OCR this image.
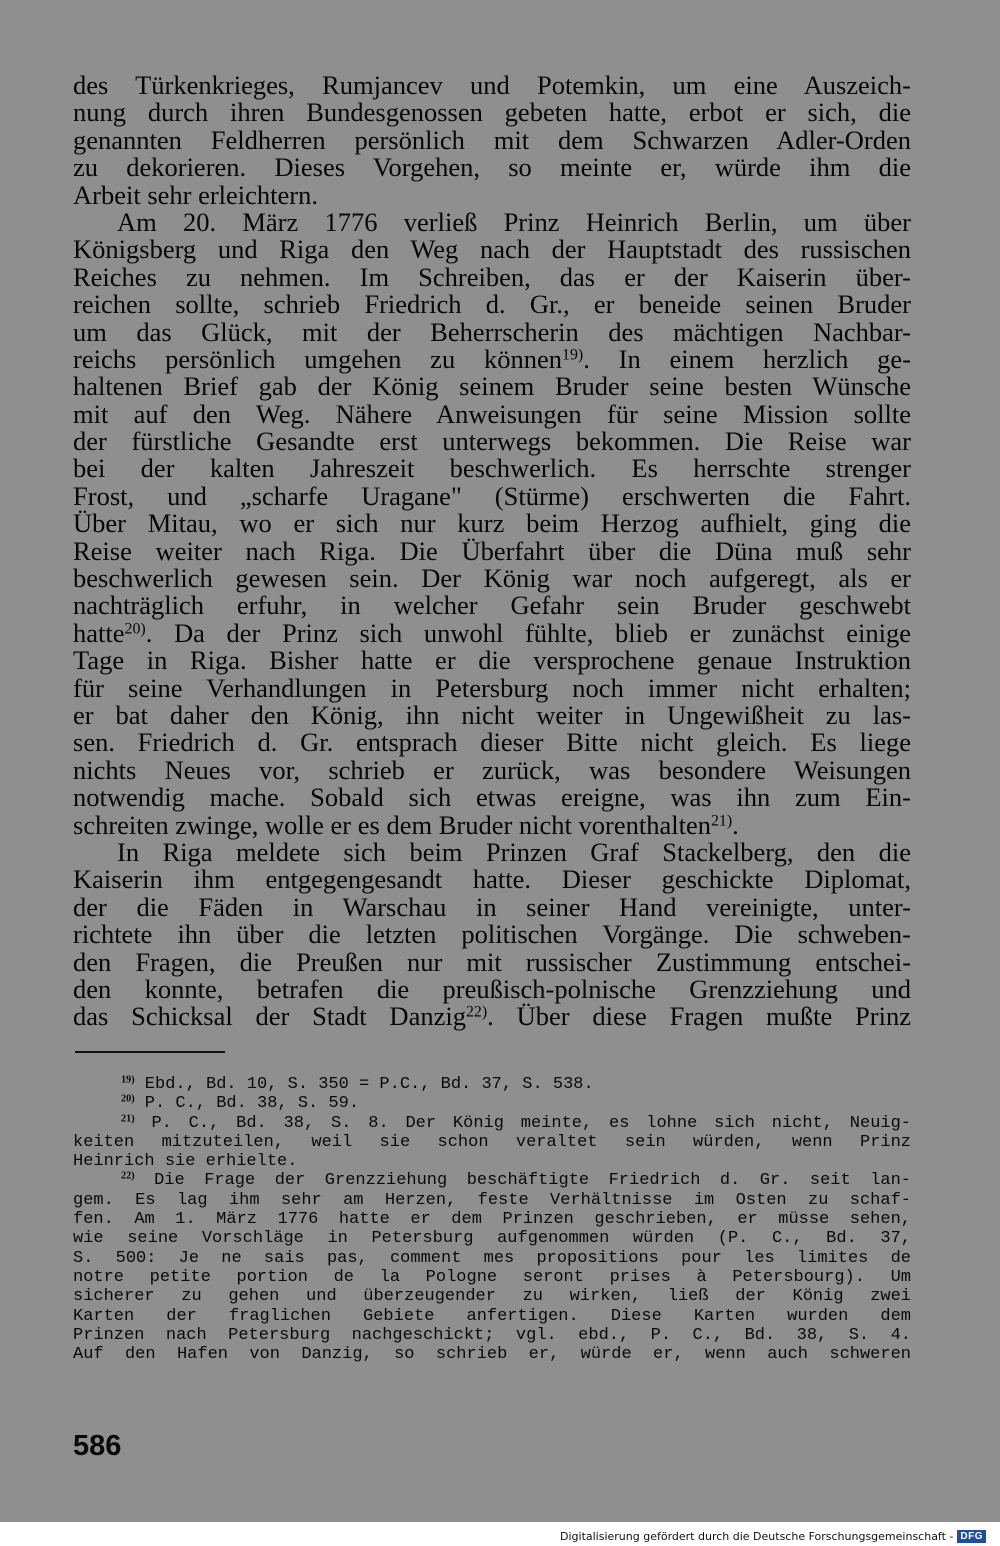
des Türkenkrieges, Rumjancev und Potemkin, um eine Auszeich-
nung durch ihren Bundesgenossen gebeten hatte, erbot er sich, die
genannten Feldherren persönlich mit dem Schwarzen Adler-Orden
zu dekorieren. Dieses Vorgehen, so meinte er, würde ihm die
Arbeit sehr erleichtern.
Am 20. März 1776 verließ Prinz Heinrich Berlin, um über
Königsberg und Riga den Weg nach der Hauptstadt des russischen
Reiches zu nehmen. Im Schreiben, das er der Kaiserin über-
reichen sollte, schrieb Friedrich d. Gr., er beneide seinen Bruder
um das Glück, mit der Beherrscherin des mächtigen Nachbar-
reichs persönlich umgehen zu können$^{19)}$. In einem herzlich ge-
haltenen Brief gab der König seinem Bruder seine besten Wünsche
mit auf den Weg. Nähere Anweisungen für seine Mission sollte
der fürstliche Gesandte erst unterwegs bekommen. Die Reise war
bei der kalten Jahreszeit beschwerlich. Es herrschte strenger
Frost, und „scharfe Uragane" (Stürme) erschwerten die Fahrt.
Über Mitau, wo er sich nur kurz beim Herzog aufhielt, ging die
Reise weiter nach Riga. Die Überfahrt über die Düna muß sehr
beschwerlich gewesen sein. Der König war noch aufgeregt, als er
nachträglich erfuhr, in welcher Gefahr sein Bruder geschwebt
hatte$^{20)}$. Da der Prinz sich unwohl fühlte, blieb er zunächst einige
Tage in Riga. Bisher hatte er die versprochene genaue Instruktion
für seine Verhandlungen in Petersburg noch immer nicht erhalten;
er bat daher den König, ihn nicht weiter in Ungewißheit zu las-
sen. Friedrich d. Gr. entsprach dieser Bitte nicht gleich. Es liege
nichts Neues vor, schrieb er zurück, was besondere Weisungen
notwendig mache. Sobald sich etwas ereigne, was ihn zum Ein-
schreiten zwinge, wolle er es dem Bruder nicht vorenthalten$^{21)}$.
In Riga meldete sich beim Prinzen Graf Stackelberg, den die
Kaiserin ihm entgegengesandt hatte. Dieser geschickte Diplomat,
der die Fäden in Warschau in seiner Hand vereinigte, unter-
richtete ihn über die letzten politischen Vorgänge. Die schweben-
den Fragen, die Preußen nur mit russischer Zustimmung entschei-
den konnte, betrafen die preußisch-polnische Grenzziehung und
das Schicksal der Stadt Danzig$^{22)}$. Über diese Fragen mußte Prinz
$^{19)}$ Ebd., Bd. 10, S. 350 = P.C., Bd. 37, S. 538.
$^{20)}$ P. C., Bd. 38, S. 59.
$^{21)}$ P. C., Bd. 38, S. 8. Der König meinte, es lohne sich nicht, Neuig-
keiten mitzuteilen, weil sie schon veraltet sein würden, wenn Prinz
Heinrich sie erhielte.
$^{22)}$ Die Frage der Grenzziehung beschäftigte Friedrich d. Gr. seit lan-
gem. Es lag ihm sehr am Herzen, feste Verhältnisse im Osten zu schaf-
fen. Am 1. März 1776 hatte er dem Prinzen geschrieben, er müsse sehen,
wie seine Vorschläge in Petersburg aufgenommen würden (P. C., Bd. 37,
S. 500: Je ne sais pas, comment mes propositions pour les limites de
notre petite portion de la Pologne seront prises à Petersbourg). Um
sicherer zu gehen und überzeugender zu wirken, ließ der König zwei
Karten der fraglichen Gebiete anfertigen. Diese Karten wurden dem
Prinzen nach Petersburg nachgeschickt; vgl. ebd., P. C., Bd. 38, S. 4.
Auf den Hafen von Danzig, so schrieb er, würde er, wenn auch schweren
586
Digitalisierung gefördert durch die Deutsche Forschungsgemeinschaft - DFG
